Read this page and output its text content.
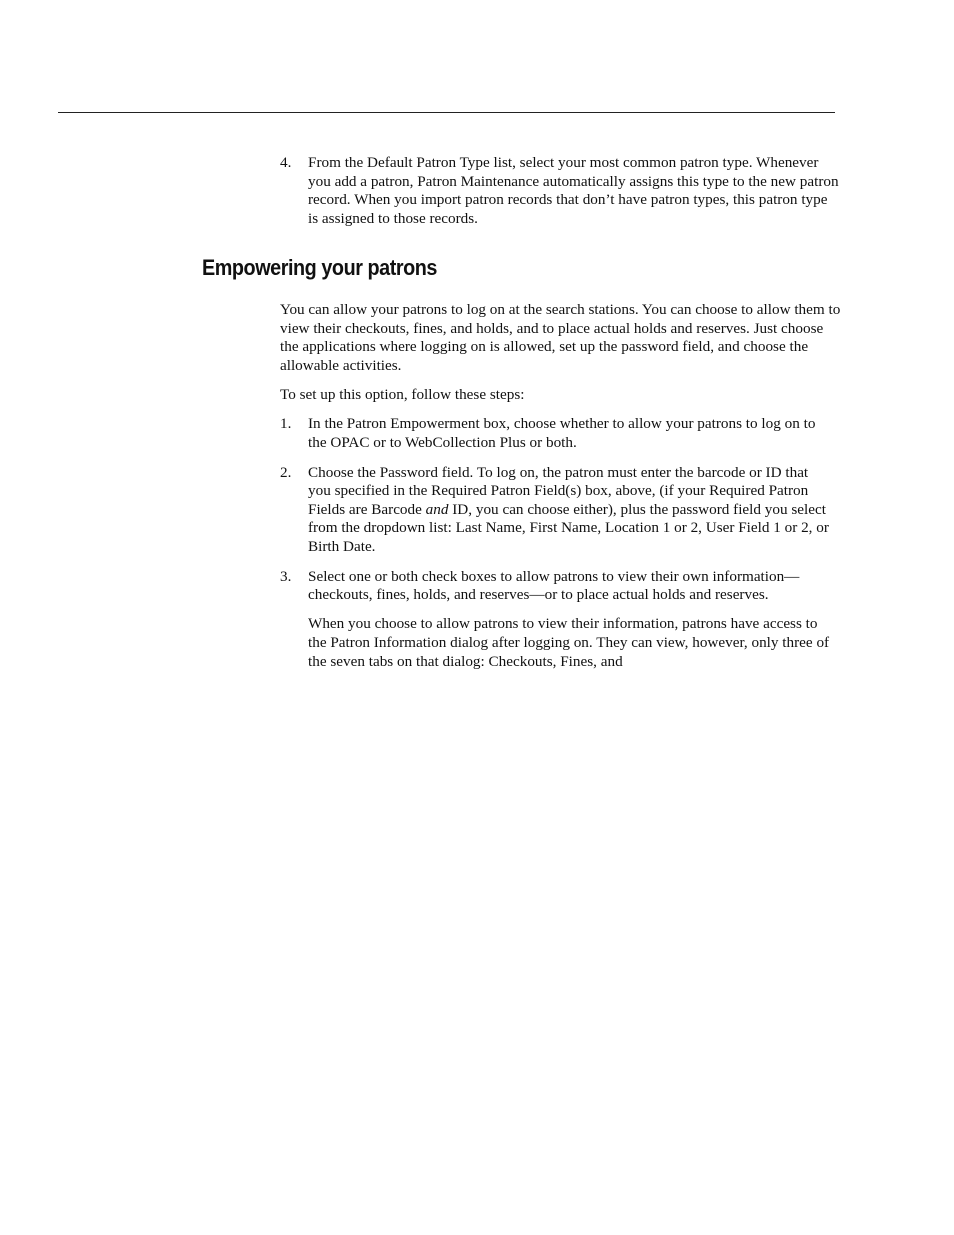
4. From the Default Patron Type list, select your most common patron type. Whenever you add a patron, Patron Maintenance automatically assigns this type to the new patron record. When you import patron records that don’t have patron types, this patron type is assigned to those records.

Empowering your patrons

You can allow your patrons to log on at the search stations. You can choose to allow them to view their checkouts, fines, and holds, and to place actual holds and reserves. Just choose the applications where logging on is allowed, set up the password field, and choose the allowable activities.

To set up this option, follow these steps:

1. In the Patron Empowerment box, choose whether to allow your patrons to log on to the OPAC or to WebCollection Plus or both.

2. Choose the Password field. To log on, the patron must enter the barcode or ID that you specified in the Required Patron Field(s) box, above, (if your Required Patron Fields are Barcode and ID, you can choose either), plus the password field you select from the dropdown list: Last Name, First Name, Location 1 or 2, User Field 1 or 2, or Birth Date.

3. Select one or both check boxes to allow patrons to view their own information—checkouts, fines, holds, and reserves—or to place actual holds and reserves.

When you choose to allow patrons to view their information, patrons have access to the Patron Information dialog after logging on. They can view, however, only three of the seven tabs on that dialog: Checkouts, Fines, and
